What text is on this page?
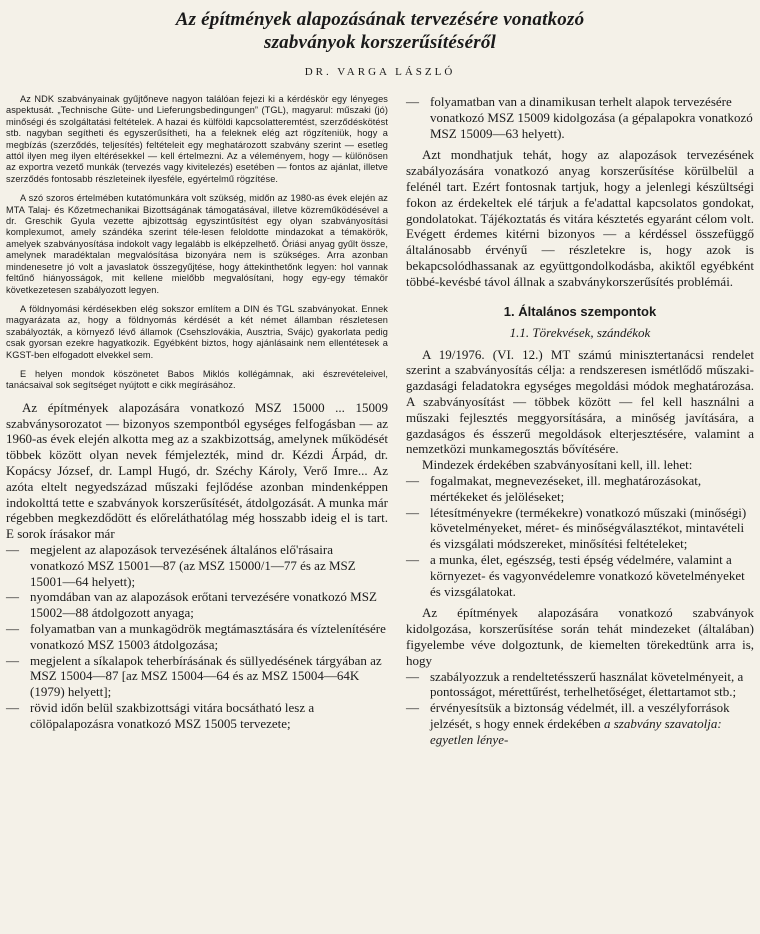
Az építmények alapozásának tervezésére vonatkozó
szabványok korszerűsítéséről
DR. VARGA LÁSZLÓ

Az NDK szabványainak gyűjtőneve nagyon találóan fejezi ki a kérdéskör egy lényeges aspektusát. „Technische Güte- und Lieferungsbedingungen” (TGL), magyarul: műszaki (jó) minőségi és szolgáltatási feltételek. A hazai és külföldi kapcsolatteremtést, szerződéskötést stb. nagyban segítheti és egyszerűsítheti, ha a feleknek elég azt rögzíteniük, hogy a megbízás (szerződés, teljesítés) feltételeit egy meghatározott szabvány szerint — esetleg attól ilyen meg ilyen eltérésekkel — kell értelmezni. Az a véleményem, hogy — különösen az exportra vezető munkák (tervezés vagy kivitelezés) esetében — fontos az ajánlat, illetve szerződés fontosabb részleteinek ilyesféle, egyértelmű rögzítése.

A szó szoros értelmében kutatómunkára volt szükség, midőn az 1980-as évek elején az MTA Talaj- és Kőzetmechanikai Bizottságának támogatásával, illetve közreműködésével a dr. Greschik Gyula vezette ajbizottság egyszintűsítést egy olyan szabványosítási komplexumot, amely szándéka szerint téle-lesen feloldotte mindazokat a témakörök, amelyek szabványosítása indokolt vagy legalább is elképzelhető. Óriási anyag gyűlt össze, amelynek maradéktalan megvalósítása bizonyára nem is szükséges. Arra azonban mindenesetre jó volt a javaslatok összegyűjtése, hogy áttekinthetőnk legyen: hol vannak feltűnő hiányosságok, mit kellene mielőbb megvalósítani, hogy egy-egy témakör következetesen szabályozott legyen.

A földnyomási kérdésekben elég sokszor említem a DIN és TGL szabványokat. Ennek magyarázata az, hogy a földnyomás kérdését a két német államban részletesen szabályozták, a környező lévő államok (Csehszlovákia, Ausztria, Svájc) gyakorlata pedig csak gyorsan ezekre hagyatkozik. Egyébként biztos, hogy ajánlásaink nem ellentétesek a KGST-ben elfogadott elvekkel sem.

E helyen mondok köszönetet Babos Miklós kollégámnak, aki észrevételeivel, tanácsaival sok segítséget nyújtott e cikk megírásához.

Az építmények alapozására vonatkozó MSZ 15000 ... 15009 szabványsorozatot — bizonyos szempontból egységes felfogásban — az 1960-as évek elején alkotta meg az a szakbizottság, amelynek működését többek között olyan nevek fémjelezték, mind dr. Kézdi Árpád, dr. Kopácsy József, dr. Lampl Hugó, dr. Széchy Károly, Verő Imre... Az azóta eltelt negyedszázad műszaki fejlődése azonban mindenképpen indokolttá tette e szabványok korszerűsítését, átdolgozását. A munka már régebben megkezdődött és előreláthatólag még hosszabb ideig el is tart. E sorok írásakor már

— megjelent az alapozások tervezésének általános elő'rásaira vonatkozó MSZ 15001—87 (az MSZ 15000/1—77 és az MSZ 15001—64 helyett);
— nyomdában van az alapozások erőtani tervezésére vonatkozó MSZ 15002—88 átdolgozott anyaga;
— folyamatban van a munkagödrök megtámasztására és víztelenítésére vonatkozó MSZ 15003 átdolgozása;
— megjelent a síkalapok teherbírásának és süllyedésének tárgyában az MSZ 15004—87 [az MSZ 15004—64 és az MSZ 15004—64K (1979) helyett];
— rövid időn belül szakbizottsági vitára bocsátható lesz a cölöpalapozásra vonatkozó MSZ 15005 tervezete;
— folyamatban van a dinamikusan terhelt alapok tervezésére vonatkozó MSZ 15009 kidolgozása (a gépalapokra vonatkozó MSZ 15009—63 helyett).

Azt mondhatjuk tehát, hogy az alapozások tervezésének szabályozására vonatkozó anyag korszerűsítése körülbelül a felénél tart. Ezért fontosnak tartjuk, hogy a jelenlegi készültségi fokon az érdekeltek elé tárjuk a fe'adattal kapcsolatos gondokat, gondolatokat. Tájékoztatás és vitára késztetés egyaránt célom volt. Evégett érdemes kitérni bizonyos — a kérdéssel összefüggő általánosabb érvényű — részletekre is, hogy azok is bekapcsolódhassanak az együttgondolkodásba, akiktől egyébként többé-kevésbé távol állnak a szabványkorszerűsítés problémái.

1. Általános szempontok
1.1. Törekvések, szándékok

A 19/1976. (VI. 12.) MT számú minisztertanácsi rendelet szerint a szabványosítás célja: a rendszeresen ismétlődő műszaki-gazdasági feladatokra egységes megoldási módok meghatározása. A szabványosítást — többek között — fel kell használni a műszaki fejlesztés meggyorsítására, a minőség javítására, a gazdaságos és ésszerű megoldások elterjesztésére, valamint a nemzetközi munkamegosztás bővítésére.

Mindezek érdekében szabványosítani kell, ill. lehet:

— fogalmakat, megnevezéseket, ill. meghatározásokat, mértékeket és jelöléseket;
— létesítményekre (termékekre) vonatkozó műszaki (minőségi) követelményeket, méret- és minőségválasztékot, mintavételi és vizsgálati módszereket, minősítési feltételeket;
— a munka, élet, egészség, testi épség védelmére, valamint a környezet- és vagyonvédelemre vonatkozó követelményeket és vizsgálatokat.

Az építmények alapozására vonatkozó szabványok kidolgozása, korszerűsítése során tehát mindezeket (általában) figyelembe véve dolgoztunk, de kiemelten törekedtünk arra is, hogy

— szabályozzuk a rendeltetésszerű használat követelményeit, a pontosságot, mérettűrést, terhelhetőséget, élettartamot stb.;
— érvényesítsük a biztonság védelmét, ill. a veszélyforrások jelzését, s hogy ennek érdekében a szabvány szavatolja: egyetlen lénye-
